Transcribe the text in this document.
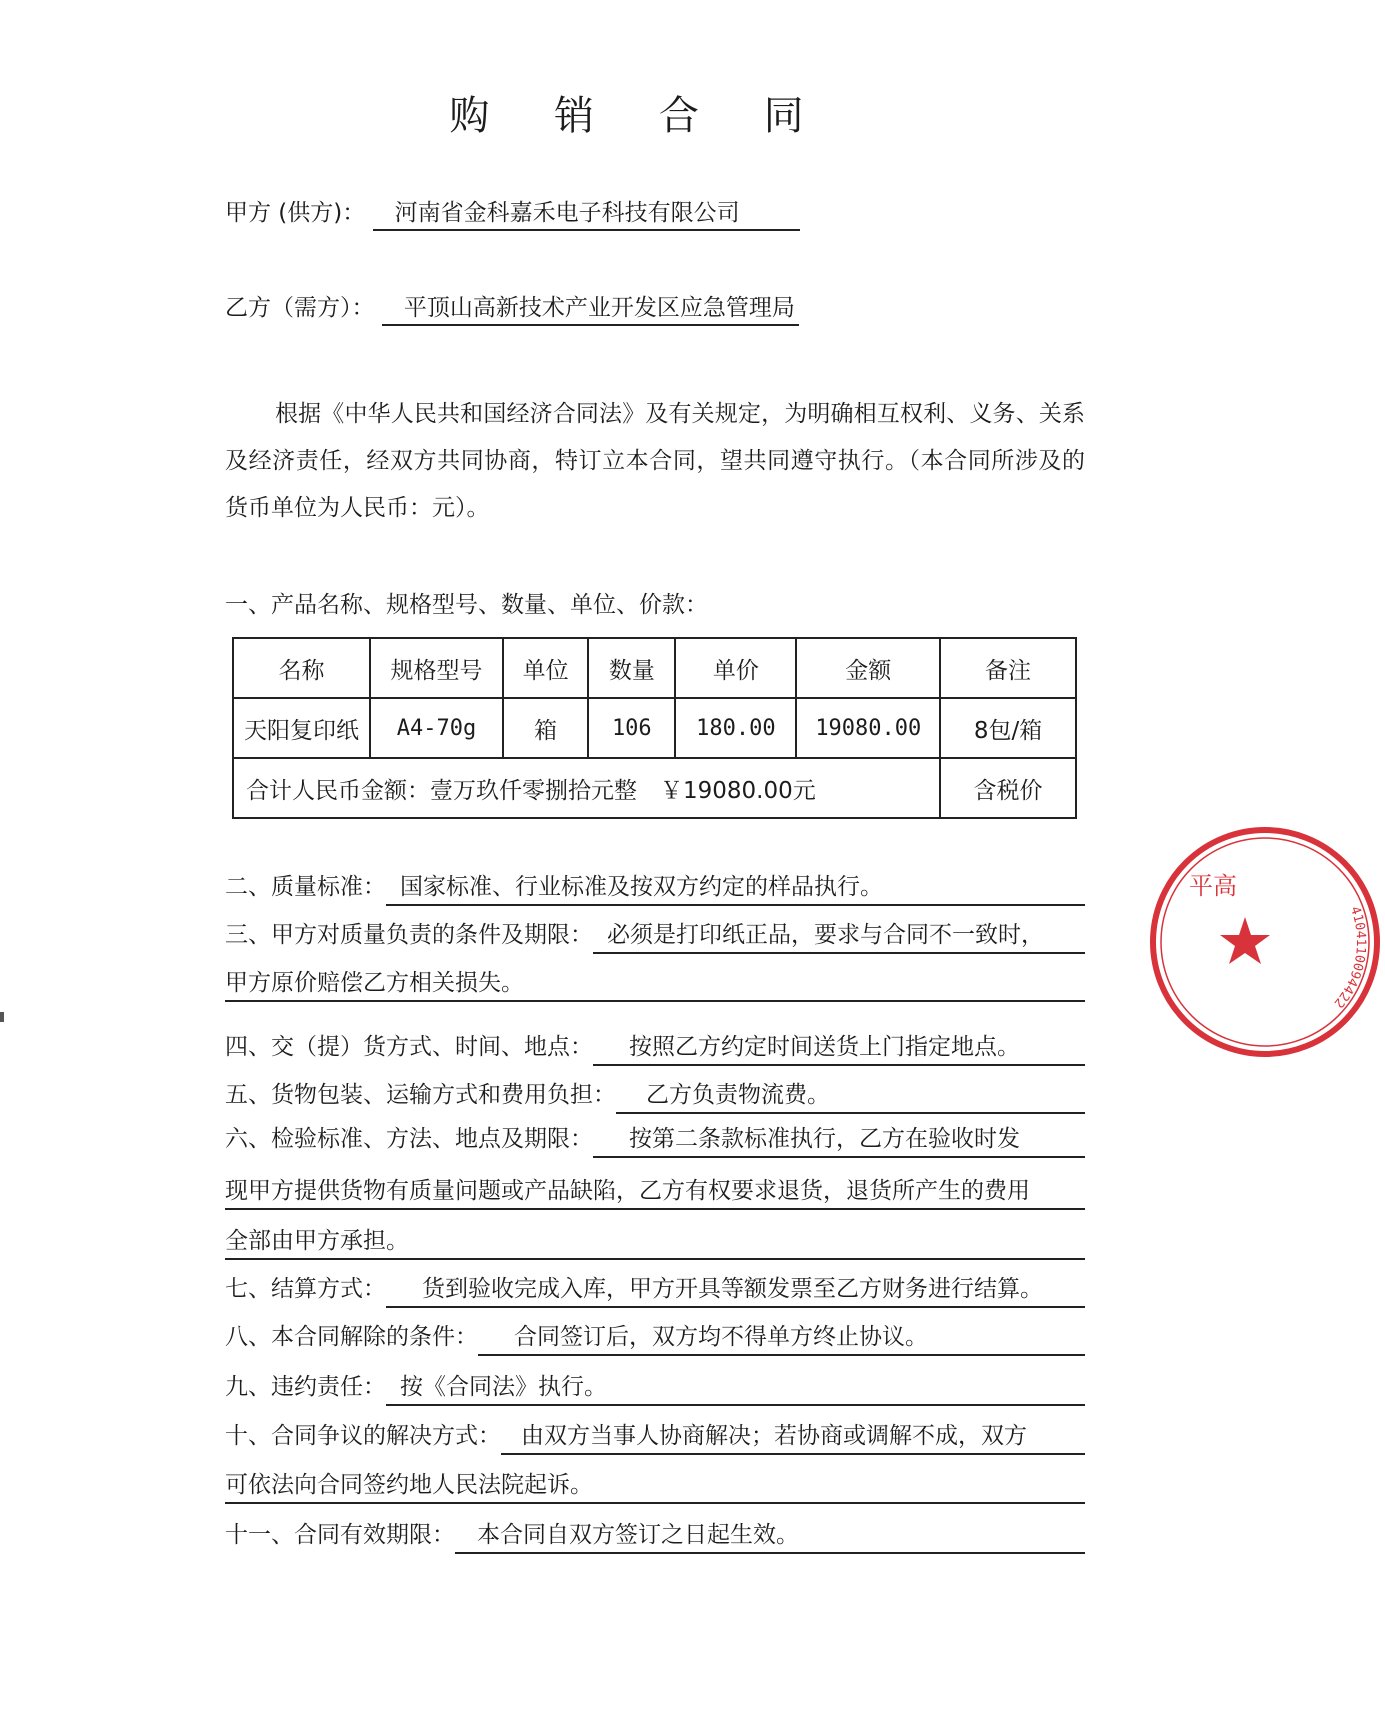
购 销 合 同
甲方 (供方)： 河南省金科嘉禾电子科技有限公司
乙方（需方）： 平顶山高新技术产业开发区应急管理局

根据《中华人民共和国经济合同法》及有关规定，为明确相互权利、义务、关系及经济责任，经双方共同协商，特订立本合同，望共同遵守执行。（本合同所涉及的货币单位为人民币：元）。

一、产品名称、规格型号、数量、单位、价款：
名称	规格型号	单位	数量	单价	金额	备注
天阳复印纸	A4-70g	箱	106	180.00	19080.00	8包/箱
合计人民币金额：壹万玖仟零捌拾元整　￥19080.00元						含税价
二、质量标准： 国家标准、行业标准及按双方约定的样品执行。
三、甲方对质量负责的条件及期限： 必须是打印纸正品，要求与合同不一致时，
甲方原价赔偿乙方相关损失。
四、交（提）货方式、时间、地点：	按照乙方约定时间送货上门指定地点。
五、货物包装、运输方式和费用负担：	乙方负责物流费。
六、检验标准、方法、地点及期限：	按第二条款标准执行，乙方在验收时发
现甲方提供货物有质量问题或产品缺陷，乙方有权要求退货，退货所产生的费用
全部由甲方承担。
七、结算方式：	货到验收完成入库，甲方开具等额发票至乙方财务进行结算。
八、本合同解除的条件：	合同签订后，双方均不得单方终止协议。
九、违约责任： 按《合同法》执行。
十、合同争议的解决方式： 由双方当事人协商解决；若协商或调解不成，双方
可依法向合同签约地人民法院起诉。
十一、合同有效期限： 本合同自双方签订之日起生效。
4104110094422
平高
